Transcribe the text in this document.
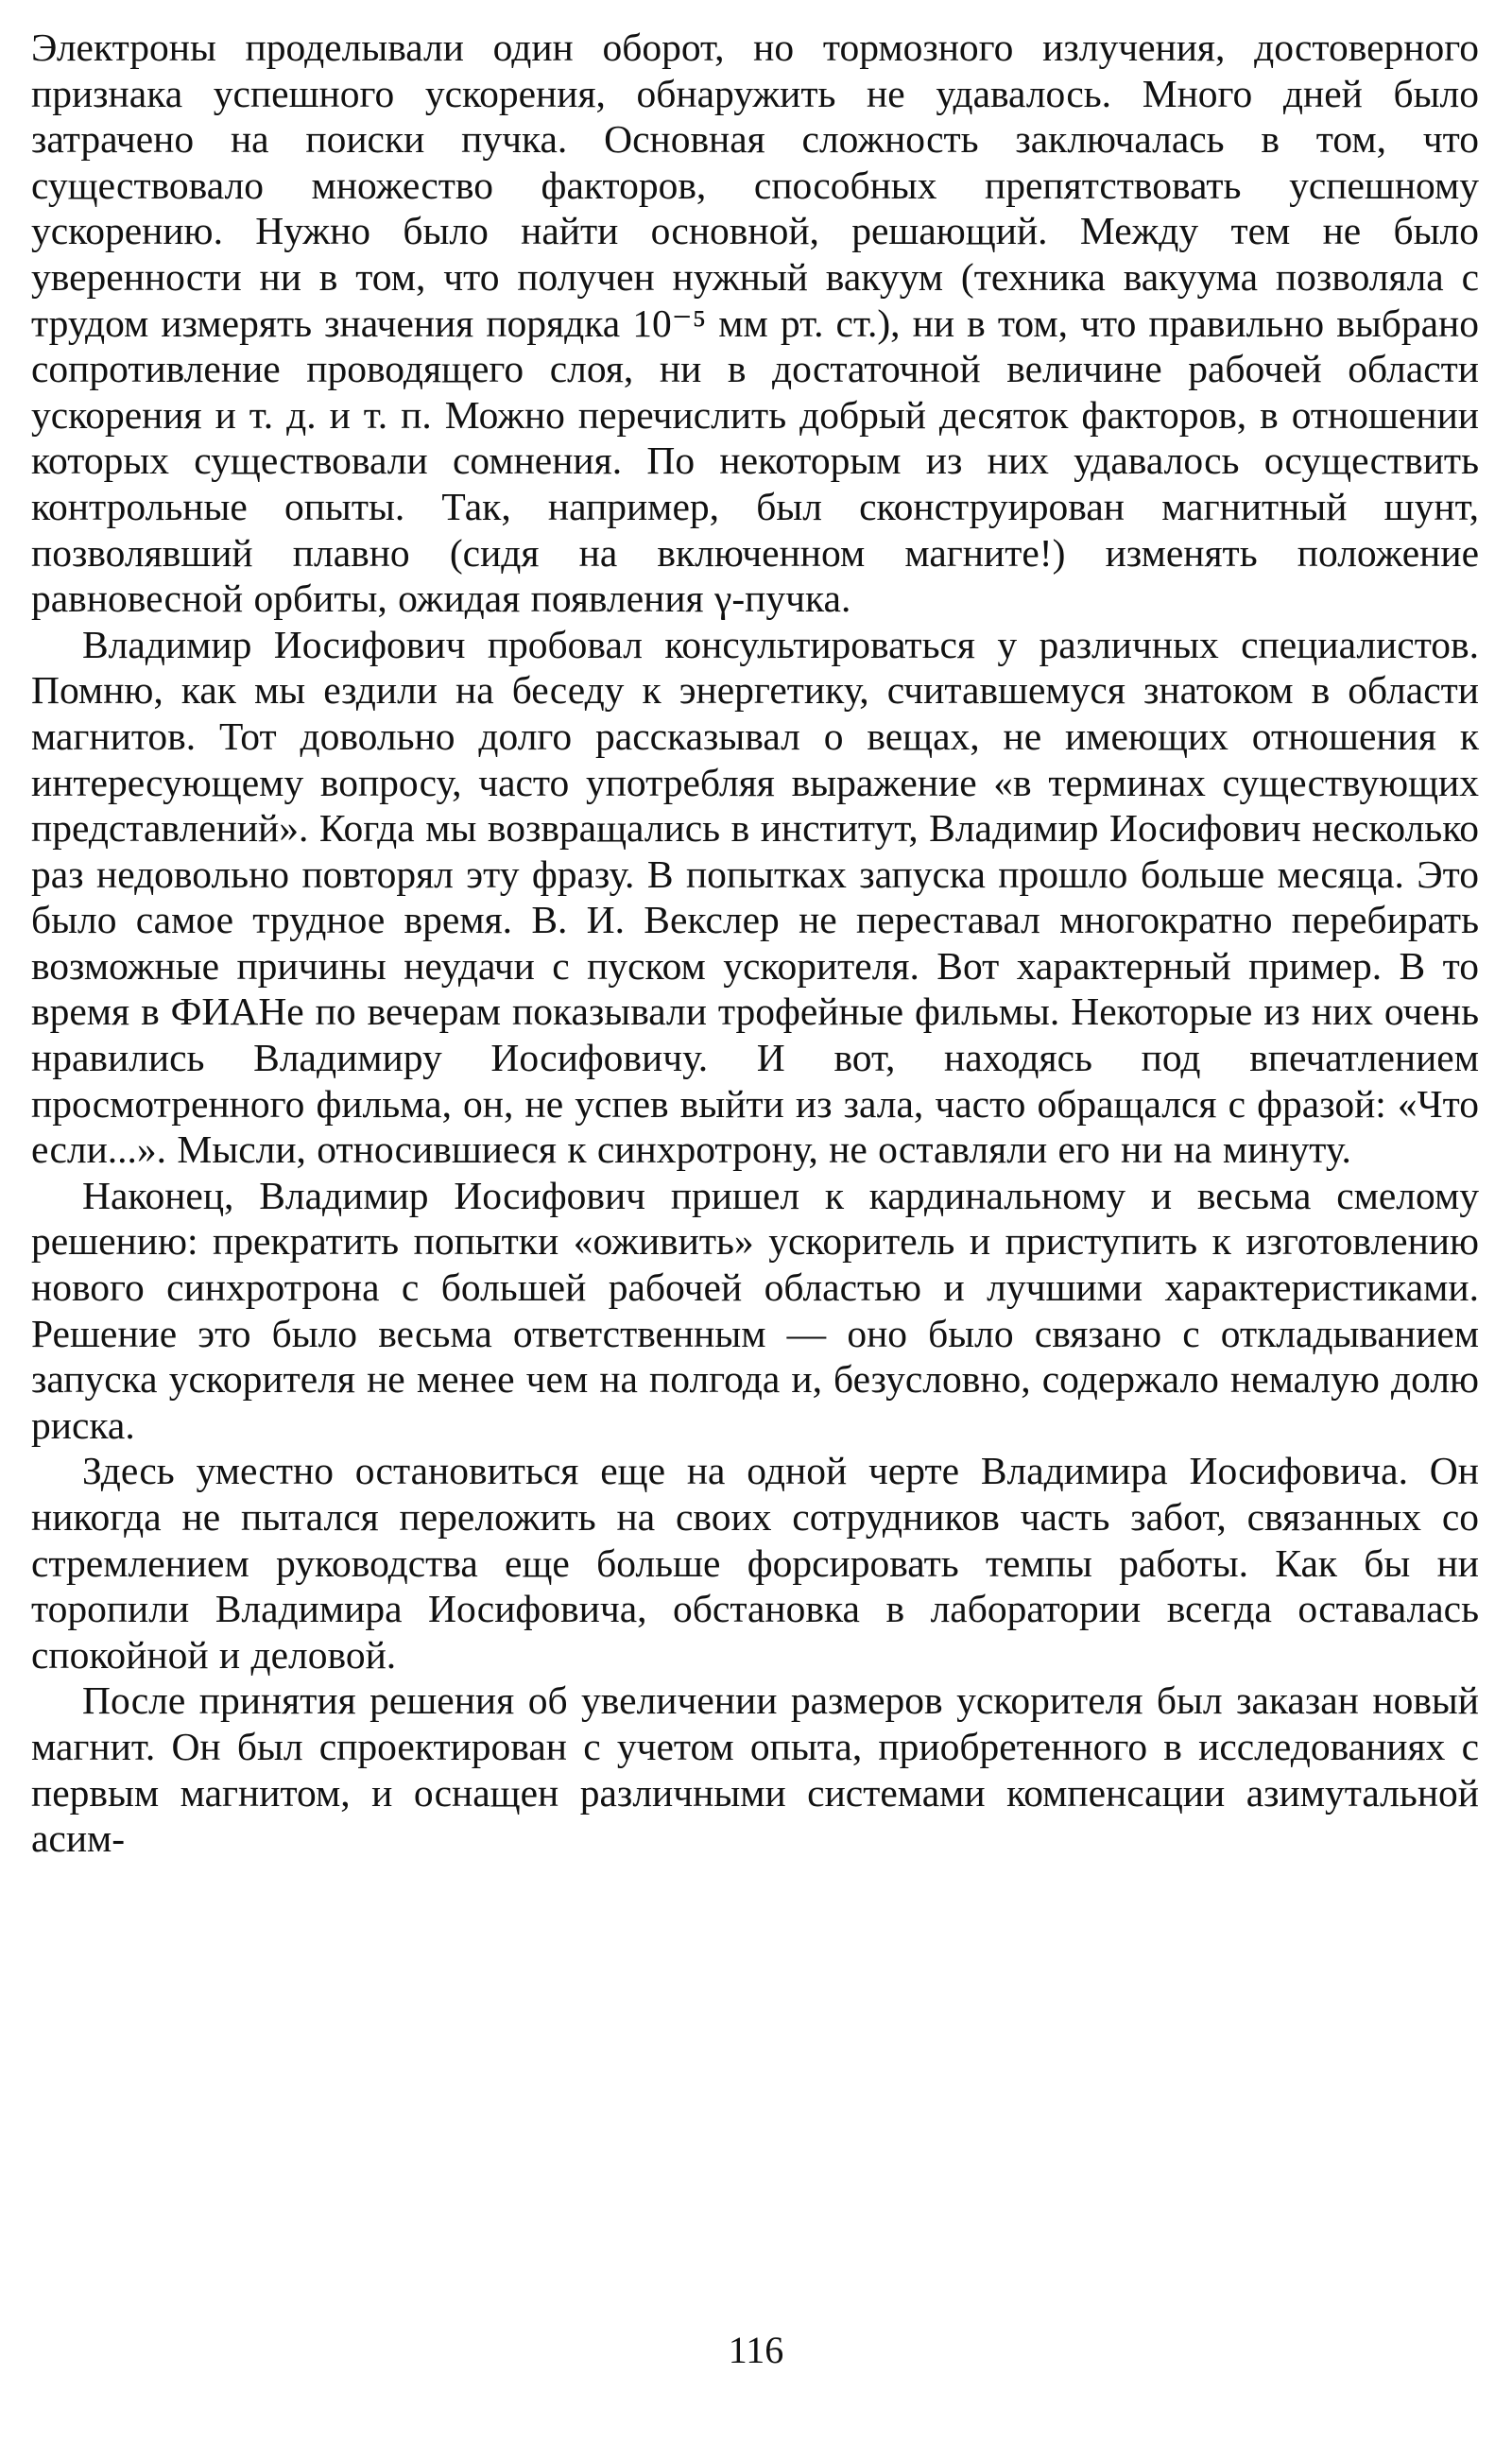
Электроны проделывали один оборот, но тормозного излучения, достоверного признака успешного ускорения, обнаружить не удавалось. Много дней было затрачено на поиски пучка. Основная сложность заключалась в том, что существовало множество факторов, способных препятствовать успешному ускорению. Нужно было найти основной, решающий. Между тем не было уверенности ни в том, что получен нужный вакуум (техника вакуума позволяла с трудом измерять значения порядка 10⁻⁵ мм рт. ст.), ни в том, что правильно выбрано сопротивление проводящего слоя, ни в достаточной величине рабочей области ускорения и т. д. и т. п. Можно перечислить добрый десяток факторов, в отношении которых существовали сомнения. По некоторым из них удавалось осуществить контрольные опыты. Так, например, был сконструирован магнитный шунт, позволявший плавно (сидя на включенном магните!) изменять положение равновесной орбиты, ожидая появления γ-пучка.

Владимир Иосифович пробовал консультироваться у различных специалистов. Помню, как мы ездили на беседу к энергетику, считавшемуся знатоком в области магнитов. Тот довольно долго рассказывал о вещах, не имеющих отношения к интересующему вопросу, часто употребляя выражение «в терминах существующих представлений». Когда мы возвращались в институт, Владимир Иосифович несколько раз недовольно повторял эту фразу. В попытках запуска прошло больше месяца. Это было самое трудное время. В. И. Векслер не переставал многократно перебирать возможные причины неудачи с пуском ускорителя. Вот характерный пример. В то время в ФИАНе по вечерам показывали трофейные фильмы. Некоторые из них очень нравились Владимиру Иосифовичу. И вот, находясь под впечатлением просмотренного фильма, он, не успев выйти из зала, часто обращался с фразой: «Что если...». Мысли, относившиеся к синхротрону, не оставляли его ни на минуту.

Наконец, Владимир Иосифович пришел к кардинальному и весьма смелому решению: прекратить попытки «оживить» ускоритель и приступить к изготовлению нового синхротрона с большей рабочей областью и лучшими характеристиками. Решение это было весьма ответственным — оно было связано с откладыванием запуска ускорителя не менее чем на полгода и, безусловно, содержало немалую долю риска.

Здесь уместно остановиться еще на одной черте Владимира Иосифовича. Он никогда не пытался переложить на своих сотрудников часть забот, связанных со стремлением руководства еще больше форсировать темпы работы. Как бы ни торопили Владимира Иосифовича, обстановка в лаборатории всегда оставалась спокойной и деловой.

После принятия решения об увеличении размеров ускорителя был заказан новый магнит. Он был спроектирован с учетом опыта, приобретенного в исследованиях с первым магнитом, и оснащен различными системами компенсации азимутальной асим-

116
